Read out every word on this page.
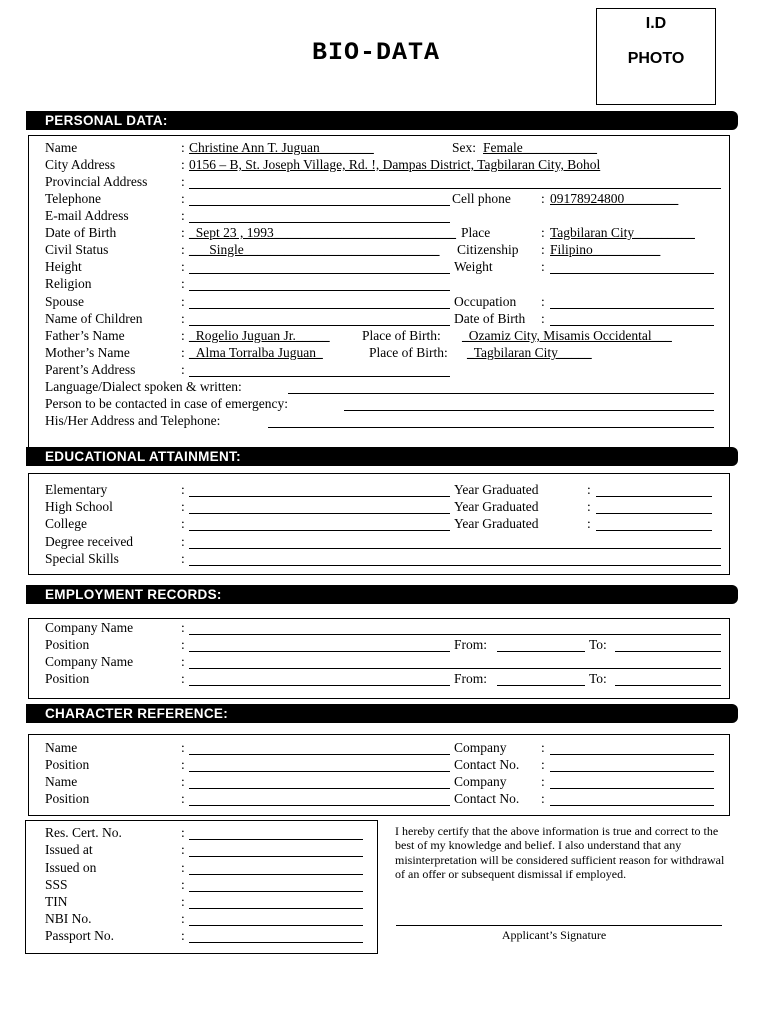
BIO-DATA
I.D
PHOTO
PERSONAL DATA:
Name	: Christine Ann T. Juguan________	Sex: Female___________
City Address	: 0156 – B, St. Joseph Village, Rd. !, Dampas District, Tagbilaran City, Bohol
Provincial Address :
Telephone	:	Cell phone : 09178924800________
E-mail Address	:
Date of Birth	: _Sept 23 , 1993___________________________ Place	: Tagbilaran City_________
Civil Status	: ___Single_____________________________ Citizenship : Filipino__________
Height	:	Weight	:
Religion	:
Spouse	:	Occupation :
Name of Children	:	Date of Birth :
Father’s Name	: _Rogelio Juguan Jr._____ Place of Birth: _Ozamiz City, Misamis Occidental___
Mother’s Name	: _Alma Torralba Juguan_	Place of Birth: _Tagbilaran City_____
Parent’s Address	:
Language/Dialect spoken & written:
Person to be contacted in case of emergency:
His/Her Address and Telephone:
EDUCATIONAL ATTAINMENT:
Elementary	:	Year Graduated	:
High School	:	Year Graduated	:
College	:	Year Graduated	:
Degree received	:
Special Skills	:
EMPLOYMENT RECORDS:
Company Name	:
Position	:	From:	To:
Company Name	:
Position	:	From:	To:
CHARACTER REFERENCE:
Name	:	Company	:
Position	:	Contact No. :
Name	:	Company	:
Position	:	Contact No. :
Res. Cert. No.	:
Issued at	:
Issued on	:
SSS	:
TIN	:
NBI No.	:
Passport No.	:
I hereby certify that the above information is true and correct to the best of my knowledge and belief. I also understand that any misinterpretation will be considered sufficient reason for withdrawal of an offer or subsequent dismissal if employed.
Applicant’s Signature
